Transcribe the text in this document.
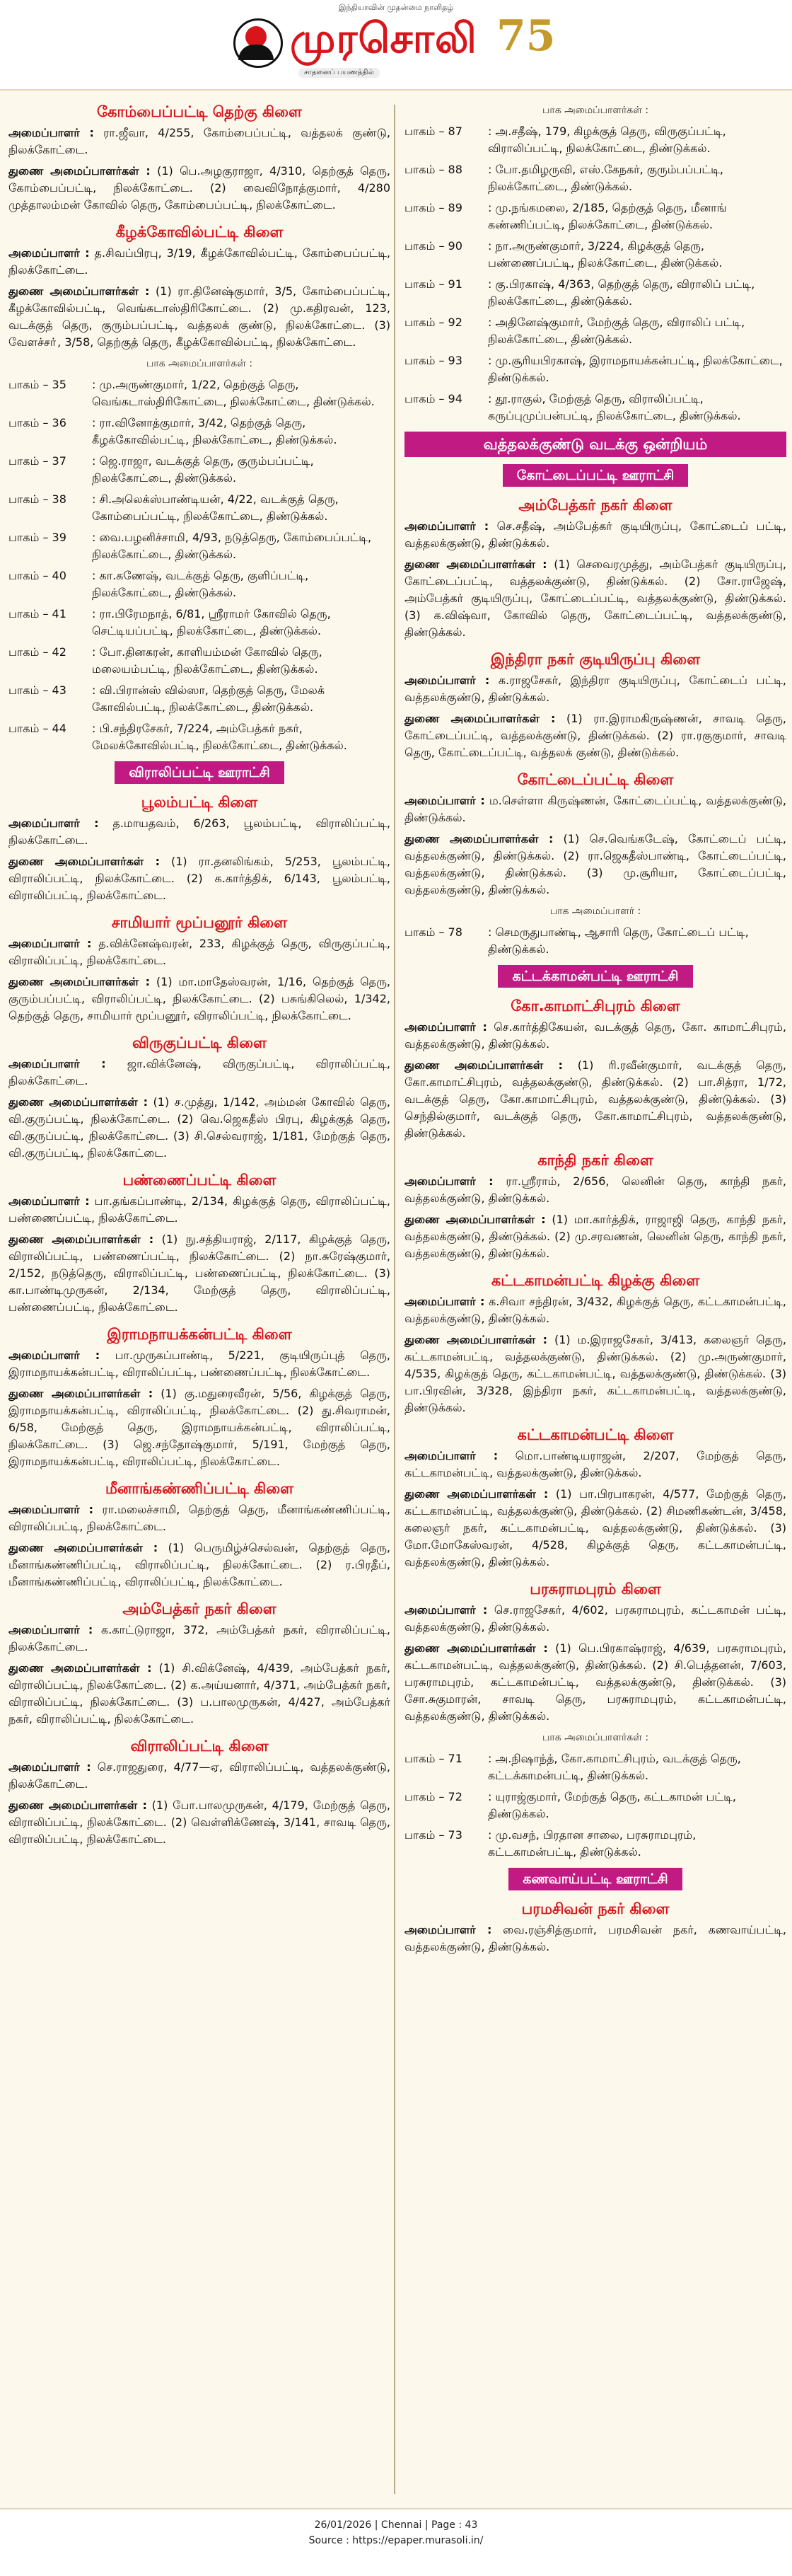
இந்தியாவின் முதன்மை நாளிதழ்
முரசொலி 75
சாதனைப் பயணத்தில்
கோம்பைப்பட்டி தெற்கு கிளை
அமைப்பாளர் : ரா.ஜீவா, 4/255, கோம்பைப்பட்டி, வத்தலக் குண்டு, நிலக்கோட்டை.
துணை அமைப்பாளர்கள் : (1) பெ.அழகுராஜா, 4/310, தெற்குத் தெரு, கோம்பைப்பட்டி, நிலக்கோட்டை. (2) வைவிநோத்குமார், 4/280 முத்தாலம்மன் கோவில் தெரு, கோம்பைப்பட்டி, நிலக்கோட்டை.
கீழக்கோவில்பட்டி கிளை
அமைப்பாளர் : த.சிவப்பிரபு, 3/19, கீழக்கோவில்பட்டி, கோம்பைப்பட்டி, நிலக்கோட்டை.
துணை அமைப்பாளர்கள் : (1) ரா.தினேஷ்குமார், 3/5, கோம்பைப்பட்டி, கீழக்கோவில்பட்டி, வெங்கடாஸ்திரிகோட்டை. (2) மு.கதிரவன், 123, வடக்குத் தெரு, குரும்பப்பட்டி, வத்தலக் குண்டு, நிலக்கோட்டை. (3) வேளச்சா், 3/58, தெற்குத் தெரு, கீழக்கோவில்பட்டி, நிலக்கோட்டை.
பாக அமைப்பாளர்கள் :
பாகம் – 35	: மு.அருண்குமார், 1/22, தெற்குத் தெரு, வெங்கடாஸ்திரிகோட்டை, நிலக்கோட்டை, திண்டுக்கல்.
பாகம் – 36	: ரா.வினோத்குமார், 3/42, தெற்குத் தெரு, கீழக்கோவில்பட்டி, நிலக்கோட்டை, திண்டுக்கல்.
பாகம் – 37	: ஜெ.ராஜா, வடக்குத் தெரு, குரும்பப்பட்டி, நிலக்கோட்டை, திண்டுக்கல்.
பாகம் – 38	: சி.அலெக்ஸ்பாண்டியன், 4/22, வடக்குத் தெரு, கோம்பைப்பட்டி, நிலக்கோட்டை, திண்டுக்கல்.
பாகம் – 39	: வை.பழனிச்சாமி, 4/93, நடுத்தெரு, கோம்பைப்பட்டி, நிலக்கோட்டை, திண்டுக்கல்.
பாகம் – 40	: கா.கணேஷ், வடக்குத் தெரு, குளிப்பட்டி, நிலக்கோட்டை, திண்டுக்கல்.
பாகம் – 41	: ரா.பிரேமநாத், 6/81, ஸ்ரீராமர் கோவில் தெரு, செட்டியப்பட்டி, நிலக்கோட்டை, திண்டுக்கல்.
பாகம் – 42	: போ.தினகரன், காளியம்மன் கோவில் தெரு, மலையம்பட்டி, நிலக்கோட்டை, திண்டுக்கல்.
பாகம் – 43	: வி.பிரான்ஸ் வில்ஸா, தெற்குத் தெரு, மேலக் கோவில்பட்டி, நிலக்கோட்டை, திண்டுக்கல்.
பாகம் – 44	: பி.சந்திரசேகர், 7/224, அம்பேத்கர் நகர், மேலக்கோவில்பட்டி, நிலக்கோட்டை, திண்டுக்கல்.
விராலிப்பட்டி ஊராட்சி
பூலம்பட்டி கிளை
அமைப்பாளர் : த.மாயதவம், 6/263, பூலம்பட்டி, விராலிப்பட்டி, நிலக்கோட்டை.
துணை அமைப்பாளர்கள் : (1) ரா.தனலிங்கம், 5/253, பூலம்பட்டி, விராலிப்பட்டி, நிலக்கோட்டை. (2) க.கார்த்திக், 6/143, பூலம்பட்டி, விராலிப்பட்டி, நிலக்கோட்டை.
சாமியார் மூப்பனூர் கிளை
அமைப்பாளர் : த.விக்னேஷ்வரன், 233, கிழக்குத் தெரு, விருகுப்பட்டி, விராலிப்பட்டி, நிலக்கோட்டை.
துணை அமைப்பாளர்கள் : (1) மா.மாதேஸ்வரன், 1/16, தெற்குத் தெரு, குரும்பப்பட்டி, விராலிப்பட்டி, நிலக்கோட்டை. (2) பசுங்கிலெல், 1/342, தெற்குத் தெரு, சாமியார் மூப்பனூர், விராலிப்பட்டி, நிலக்கோட்டை.
விருகுப்பட்டி கிளை
அமைப்பாளர் : ஜா.விக்னேஷ், விருகுப்பட்டி, விராலிப்பட்டி, நிலக்கோட்டை.
துணை அமைப்பாளர்கள் : (1) ச.முத்து, 1/142, அம்மன் கோவில் தெரு, வி.குருப்பட்டி, நிலக்கோட்டை. (2) வெ.ஜெகதீஸ் பிரபு, கிழக்குத் தெரு, வி.குருப்பட்டி, நிலக்கோட்டை. (3) சி.செல்வராஜ், 1/181, மேற்குத் தெரு, வி.குருப்பட்டி, நிலக்கோட்டை.
பண்ணைப்பட்டி கிளை
அமைப்பாளர் : பா.தங்கப்பாண்டி, 2/134, கிழக்குத் தெரு, விராலிப்பட்டி, பண்ணைப்பட்டி, நிலக்கோட்டை.
துணை அமைப்பாளர்கள் : (1) நு.சத்தியராஜ், 2/117, கிழக்குத் தெரு, விராலிப்பட்டி, பண்ணைப்பட்டி, நிலக்கோட்டை. (2) நா.சுரேஷ்குமார், 2/152, நடுத்தெரு, விராலிப்பட்டி, பண்ணைப்பட்டி, நிலக்கோட்டை. (3) கா.பாண்டிமுருகன், 2/134, மேற்குத் தெரு, விராலிப்பட்டி, பண்ணைப்பட்டி, நிலக்கோட்டை.
இராமநாயக்கன்பட்டி கிளை
அமைப்பாளர் : பா.முருகப்பாண்டி, 5/221, குடியிருப்புத் தெரு, இராமநாயக்கன்பட்டி, விராலிப்பட்டி, பண்ணைப்பட்டி, நிலக்கோட்டை.
துணை அமைப்பாளர்கள் : (1) கு.மதுரைவீரன், 5/56, கிழக்குத் தெரு, இராமநாயக்கன்பட்டி, விராலிப்பட்டி, நிலக்கோட்டை. (2) து.சிவராமன், 6/58, மேற்குத் தெரு, இராமநாயக்கன்பட்டி, விராலிப்பட்டி, நிலக்கோட்டை. (3) ஜெ.சந்தோஷ்குமார், 5/191, மேற்குத் தெரு, இராமநாயக்கன்பட்டி, விராலிப்பட்டி, நிலக்கோட்டை.
மீனாங்கண்ணிப்பட்டி கிளை
அமைப்பாளர் : ரா.மலைச்சாமி, தெற்குத் தெரு, மீனாங்கண்ணிப்பட்டி, விராலிப்பட்டி, நிலக்கோட்டை.
துணை அமைப்பாளர்கள் : (1) பெருமிழ்ச்செல்வன், தெற்குத் தெரு, மீனாங்கண்ணிப்பட்டி, விராலிப்பட்டி, நிலக்கோட்டை. (2) ர.பிரதீப், மீனாங்கண்ணிப்பட்டி, விராலிப்பட்டி, நிலக்கோட்டை.
அம்பேத்கர் நகர் கிளை
அமைப்பாளர் : க.காட்டுராஜா, 372, அம்பேத்கர் நகர், விராலிப்பட்டி, நிலக்கோட்டை.
துணை அமைப்பாளர்கள் : (1) சி.விக்னேஷ், 4/439, அம்பேத்கர் நகர், விராலிப்பட்டி, நிலக்கோட்டை. (2) க.அய்யனார், 4/371, அம்பேத்கர் நகர், விராலிப்பட்டி, நிலக்கோட்டை. (3) ப.பாலமுருகன், 4/427, அம்பேத்கர் நகர், விராலிப்பட்டி, நிலக்கோட்டை.
விராலிப்பட்டி கிளை
அமைப்பாளர் : செ.ராஜதுரை, 4/77—ஏ, விராலிப்பட்டி, வத்தலக்குண்டு, நிலக்கோட்டை.
துணை அமைப்பாளர்கள் : (1) போ.பாலமுருகன், 4/179, மேற்குத் தெரு, விராலிப்பட்டி, நிலக்கோட்டை. (2) வெள்ளிக்ணேஷ், 3/141, சாவடி தெரு, விராலிப்பட்டி, நிலக்கோட்டை.
பாக அமைப்பாளர்கள் :
பாகம் – 87	: அ.சதீஷ், 179, கிழக்குத் தெரு, விருகுப்பட்டி, விராலிப்பட்டி, நிலக்கோட்டை, திண்டுக்கல்.
பாகம் – 88	: போ.தமிழருவி, எஸ்.கேநகர், குரும்பப்பட்டி, நிலக்கோட்டை, திண்டுக்கல்.
பாகம் – 89	: மு.நங்கமலை, 2/185, தெற்குத் தெரு, மீனாங் கண்ணிப்பட்டி, நிலக்கோட்டை, திண்டுக்கல்.
பாகம் – 90	: நா.அருண்குமார், 3/224, கிழக்குத் தெரு, பண்ணைப்பட்டி, நிலக்கோட்டை, திண்டுக்கல்.
பாகம் – 91	: கு.பிரகாஷ், 4/363, தெற்குத் தெரு, விராலிப் பட்டி, நிலக்கோட்டை, திண்டுக்கல்.
பாகம் – 92	: அதினேஷ்குமார், மேற்குத் தெரு, விராலிப் பட்டி, நிலக்கோட்டை, திண்டுக்கல்.
பாகம் – 93	: மு.சூரியபிரகாஷ், இராமநாயக்கன்பட்டி, நிலக்கோட்டை, திண்டுக்கல்.
பாகம் – 94	: தூ.ராகுல், மேற்குத் தெரு, விராலிப்பட்டி, கருப்புமுப்பன்பட்டி, நிலக்கோட்டை, திண்டுக்கல்.
வத்தலக்குண்டு வடக்கு ஒன்றியம்
கோட்டைப்பட்டி ஊராட்சி
அம்பேத்கர் நகர் கிளை
அமைப்பாளர் : செ.சதீஷ், அம்பேத்கர் குடியிருப்பு, கோட்டைப் பட்டி, வத்தலக்குண்டு, திண்டுக்கல்.
துணை அமைப்பாளர்கள் : (1) செவைரமுத்து, அம்பேத்கர் குடியிருப்பு, கோட்டைப்பட்டி, வத்தலக்குண்டு, திண்டுக்கல். (2) சோ.ராஜேஷ், அம்பேத்கர் குடியிருப்பு, கோட்டைப்பட்டி, வத்தலக்குண்டு, திண்டுக்கல். (3) க.விஷ்வா, கோவில் தெரு, கோட்டைப்பட்டி, வத்தலக்குண்டு, திண்டுக்கல்.
இந்திரா நகர் குடியிருப்பு கிளை
அமைப்பாளர் : க.ராஜசேகர், இந்திரா குடியிருப்பு, கோட்டைப் பட்டி, வத்தலக்குண்டு, திண்டுக்கல்.
துணை அமைப்பாளர்கள் : (1) ரா.இராமகிருஷ்ணன், சாவடி தெரு, கோட்டைப்பட்டி, வத்தலக்குண்டு, திண்டுக்கல். (2) ரா.ரகுகுமார், சாவடி தெரு, கோட்டைப்பட்டி, வத்தலக் குண்டு, திண்டுக்கல்.
கோட்டைப்பட்டி கிளை
அமைப்பாளர் : ம.செள்ளா கிருஷ்ணன், கோட்டைப்பட்டி, வத்தலக்குண்டு, திண்டுக்கல்.
துணை அமைப்பாளர்கள் : (1) செ.வெங்கடேஷ், கோட்டைப் பட்டி, வத்தலக்குண்டு, திண்டுக்கல். (2) ரா.ஜெகதீஸ்பாண்டி, கோட்டைப்பட்டி, வத்தலக்குண்டு, திண்டுக்கல். (3) மு.சூரியா, கோட்டைப்பட்டி, வத்தலக்குண்டு, திண்டுக்கல்.
பாக அமைப்பாளர் :
பாகம் – 78	: செமருதுபாண்டி, ஆசாரி தெரு, கோட்டைப் பட்டி, திண்டுக்கல்.
கட்டக்காமன்பட்டி ஊராட்சி
கோ.காமாட்சிபுரம் கிளை
அமைப்பாளர் : செ.கார்த்திகேயன், வடக்குத் தெரு, கோ. காமாட்சிபுரம், வத்தலக்குண்டு, திண்டுக்கல்.
துணை அமைப்பாளர்கள் : (1) ரி.ரவீன்குமார், வடக்குத் தெரு, கோ.காமாட்சிபுரம், வத்தலக்குண்டு, திண்டுக்கல். (2) பா.சித்ரா, 1/72, வடக்குத் தெரு, கோ.காமாட்சிபுரம், வத்தலக்குண்டு, திண்டுக்கல். (3) செந்தில்குமார், வடக்குத் தெரு, கோ.காமாட்சிபுரம், வத்தலக்குண்டு, திண்டுக்கல்.
காந்தி நகர் கிளை
அமைப்பாளர் : ரா.ஸ்ரீராம், 2/656, லெனின் தெரு, காந்தி நகர், வத்தலக்குண்டு, திண்டுக்கல்.
துணை அமைப்பாளர்கள் : (1) மா.கார்த்திக், ராஜாஜி தெரு, காந்தி நகர், வத்தலக்குண்டு, திண்டுக்கல். (2) மு.சரவணன், லெனின் தெரு, காந்தி நகர், வத்தலக்குண்டு, திண்டுக்கல்.
கட்டகாமன்பட்டி கிழக்கு கிளை
அமைப்பாளர் : க.சிவா சந்திரன், 3/432, கிழக்குத் தெரு, கட்டகாமன்பட்டி, வத்தலக்குண்டு, திண்டுக்கல்.
துணை அமைப்பாளர்கள் : (1) ம.இராஜசேகர், 3/413, கலைஞர் தெரு, கட்டகாமன்பட்டி, வத்தலக்குண்டு, திண்டுக்கல். (2) மு.அருண்குமார், 4/535, கிழக்குத் தெரு, கட்டகாமன்பட்டி, வத்தலக்குண்டு, திண்டுக்கல். (3) பா.பிரவின், 3/328, இந்திரா நகர், கட்டகாமன்பட்டி, வத்தலக்குண்டு, திண்டுக்கல்.
கட்டகாமன்பட்டி கிளை
அமைப்பாளர் : மொ.பாண்டியராஜன், 2/207, மேற்குத் தெரு, கட்டகாமன்பட்டி, வத்தலக்குண்டு, திண்டுக்கல்.
துணை அமைப்பாளர்கள் : (1) பா.பிரபாகரன், 4/577, மேற்குத் தெரு, கட்டகாமன்பட்டி, வத்தலக்குண்டு, திண்டுக்கல். (2) சிமணிகண்டன், 3/458, கலைஞர் நகர், கட்டகாமன்பட்டி, வத்தலக்குண்டு, திண்டுக்கல். (3) மோ.மோகேஸ்வரன், 4/528, கிழக்குத் தெரு, கட்டகாமன்பட்டி, வத்தலக்குண்டு, திண்டுக்கல்.
பரசுராமபுரம் கிளை
அமைப்பாளர் : செ.ராஜசேகர், 4/602, பரசுராமபுரம், கட்டகாமன் பட்டி, வத்தலக்குண்டு, திண்டுக்கல்.
துணை அமைப்பாளர்கள் : (1) பெ.பிரகாஷ்ராஜ், 4/639, பரசுராமபுரம், கட்டகாமன்பட்டி, வத்தலக்குண்டு, திண்டுக்கல். (2) சி.பெத்தனன், 7/603, பரசுராமபுரம், கட்டகாமன்பட்டி, வத்தலக்குண்டு, திண்டுக்கல். (3) சோ.சுகுமாரன், சாவடி தெரு, பரசுராமபுரம், கட்டகாமன்பட்டி, வத்தலக்குண்டு, திண்டுக்கல்.
பாக அமைப்பாளர்கள் :
பாகம் – 71	: அ.நிஷாந்த், கோ.காமாட்சிபுரம், வடக்குத் தெரு, கட்டக்காமன்பட்டி, திண்டுக்கல்.
பாகம் – 72	: யுராஜ்குமார், மேற்குத் தெரு, கட்டகாமன் பட்டி, திண்டுக்கல்.
பாகம் – 73	: மு.வசந், பிரதான சாலை, பரசுராமபுரம், கட்டகாமன்பட்டி, திண்டுக்கல்.
கணவாய்பட்டி ஊராட்சி
பரமசிவன் நகர் கிளை
அமைப்பாளர் : வை.ரஞ்சித்குமார், பரமசிவன் நகர், கணவாய்பட்டி, வத்தலக்குண்டு, திண்டுக்கல்.
26/01/2026 | Chennai | Page : 43
Source : https://epaper.murasoli.in/
